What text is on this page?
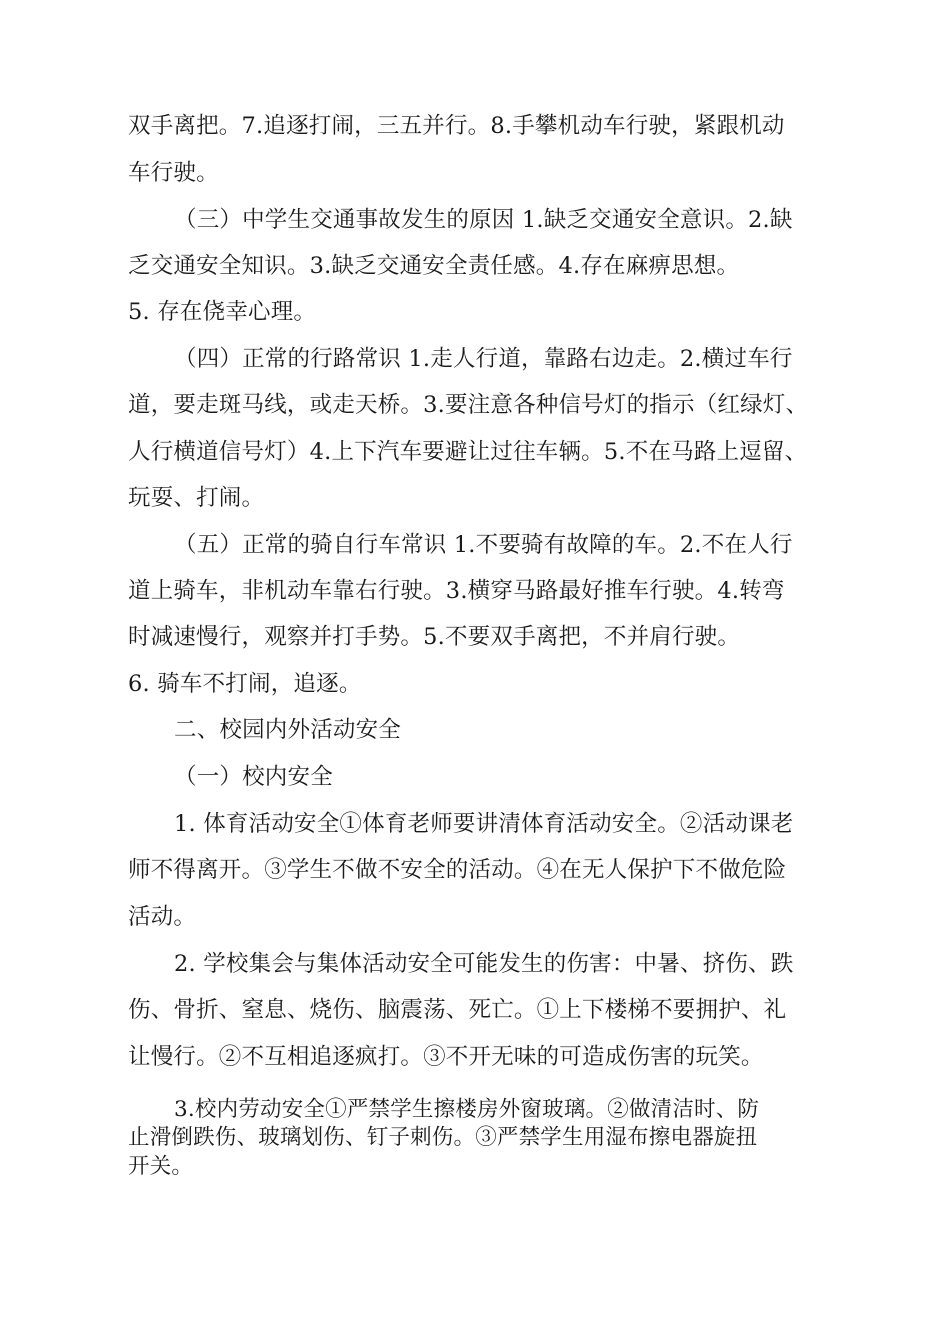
双手离把。7.追逐打闹，三五并行。8.手攀机动车行驶，紧跟机动
车行驶。
（三）中学生交通事故发生的原因 1.缺乏交通安全意识。2.缺
乏交通安全知识。3.缺乏交通安全责任感。4.存在麻痹思想。
5. 存在侥幸心理。
（四）正常的行路常识 1.走人行道，靠路右边走。2.横过车行
道，要走斑马线，或走天桥。3.要注意各种信号灯的指示（红绿灯、
人行横道信号灯）4.上下汽车要避让过往车辆。5.不在马路上逗留、
玩耍、打闹。
（五）正常的骑自行车常识 1.不要骑有故障的车。2.不在人行
道上骑车，非机动车靠右行驶。3.横穿马路最好推车行驶。4.转弯
时减速慢行，观察并打手势。5.不要双手离把，不并肩行驶。
6. 骑车不打闹，追逐。
二、校园内外活动安全
（一）校内安全
1. 体育活动安全①体育老师要讲清体育活动安全。②活动课老
师不得离开。③学生不做不安全的活动。④在无人保护下不做危险
活动。
2. 学校集会与集体活动安全可能发生的伤害：中暑、挤伤、跌
伤、骨折、窒息、烧伤、脑震荡、死亡。①上下楼梯不要拥护、礼
让慢行。②不互相追逐疯打。③不开无味的可造成伤害的玩笑。
3.校内劳动安全①严禁学生擦楼房外窗玻璃。②做清洁时、防
止滑倒跌伤、玻璃划伤、钉子刺伤。③严禁学生用湿布擦电器旋扭
开关。
